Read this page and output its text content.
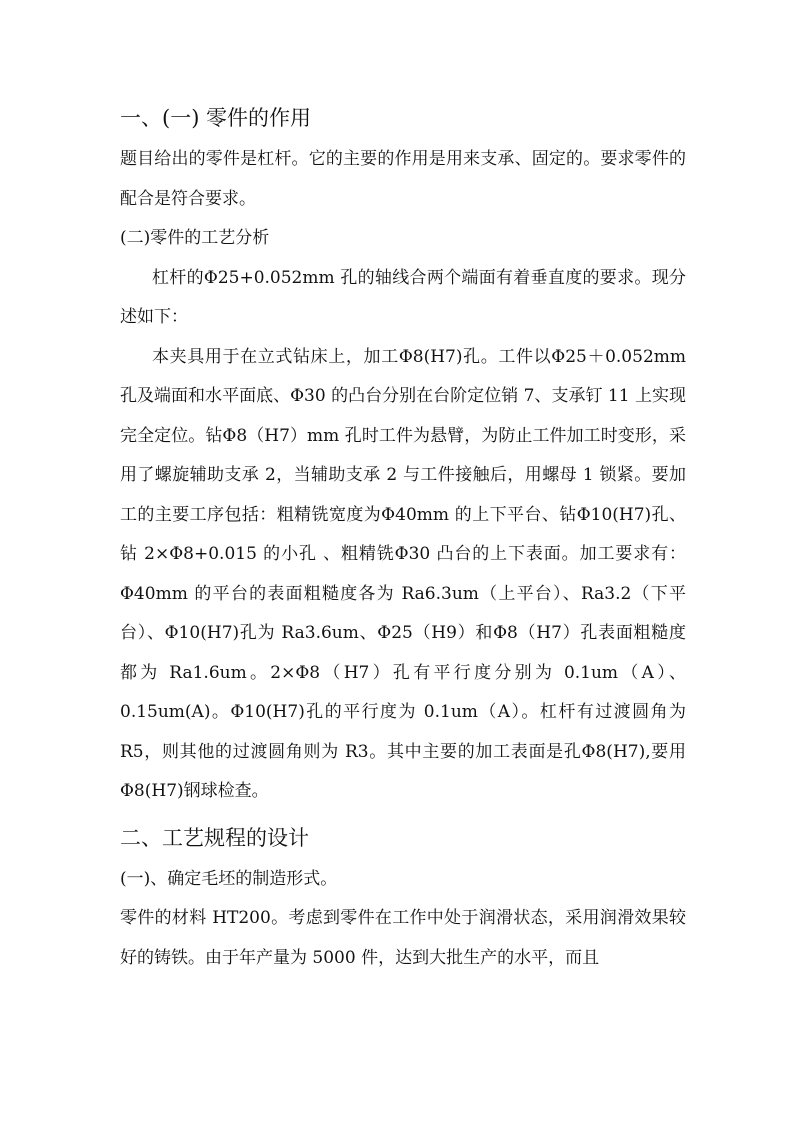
一、(一) 零件的作用

题目给出的零件是杠杆。它的主要的作用是用来支承、固定的。要求零件的配合是符合要求。

(二)零件的工艺分析

杠杆的Φ25+0.052mm 孔的轴线合两个端面有着垂直度的要求。现分述如下：

本夹具用于在立式钻床上，加工Φ8(H7)孔。工件以Φ25＋0.052mm 孔及端面和水平面底、Φ30 的凸台分别在台阶定位销 7、支承钉 11 上实现完全定位。钻Φ8（H7）mm 孔时工件为悬臂，为防止工件加工时变形，采用了螺旋辅助支承 2，当辅助支承 2 与工件接触后，用螺母 1 锁紧。要加工的主要工序包括：粗精铣宽度为Φ40mm 的上下平台、钻Φ10(H7)孔、钻 2×Φ8+0.015 的小孔 、粗精铣Φ30 凸台的上下表面。加工要求有：Φ40mm 的平台的表面粗糙度各为 Ra6.3um（上平台）、Ra3.2（下平台）、Φ10(H7)孔为 Ra3.6um、Φ25（H9）和Φ8（H7）孔表面粗糙度都为 Ra1.6um。2×Φ8（H7）孔有平行度分别为 0.1um（A）、0.15um(A)。Φ10(H7)孔的平行度为 0.1um（A）。杠杆有过渡圆角为 R5，则其他的过渡圆角则为 R3。其中主要的加工表面是孔Φ8(H7),要用Φ8(H7)钢球检查。

二、工艺规程的设计

(一)、确定毛坯的制造形式。

零件的材料 HT200。考虑到零件在工作中处于润滑状态，采用润滑效果较好的铸铁。由于年产量为 5000 件，达到大批生产的水平，而且
